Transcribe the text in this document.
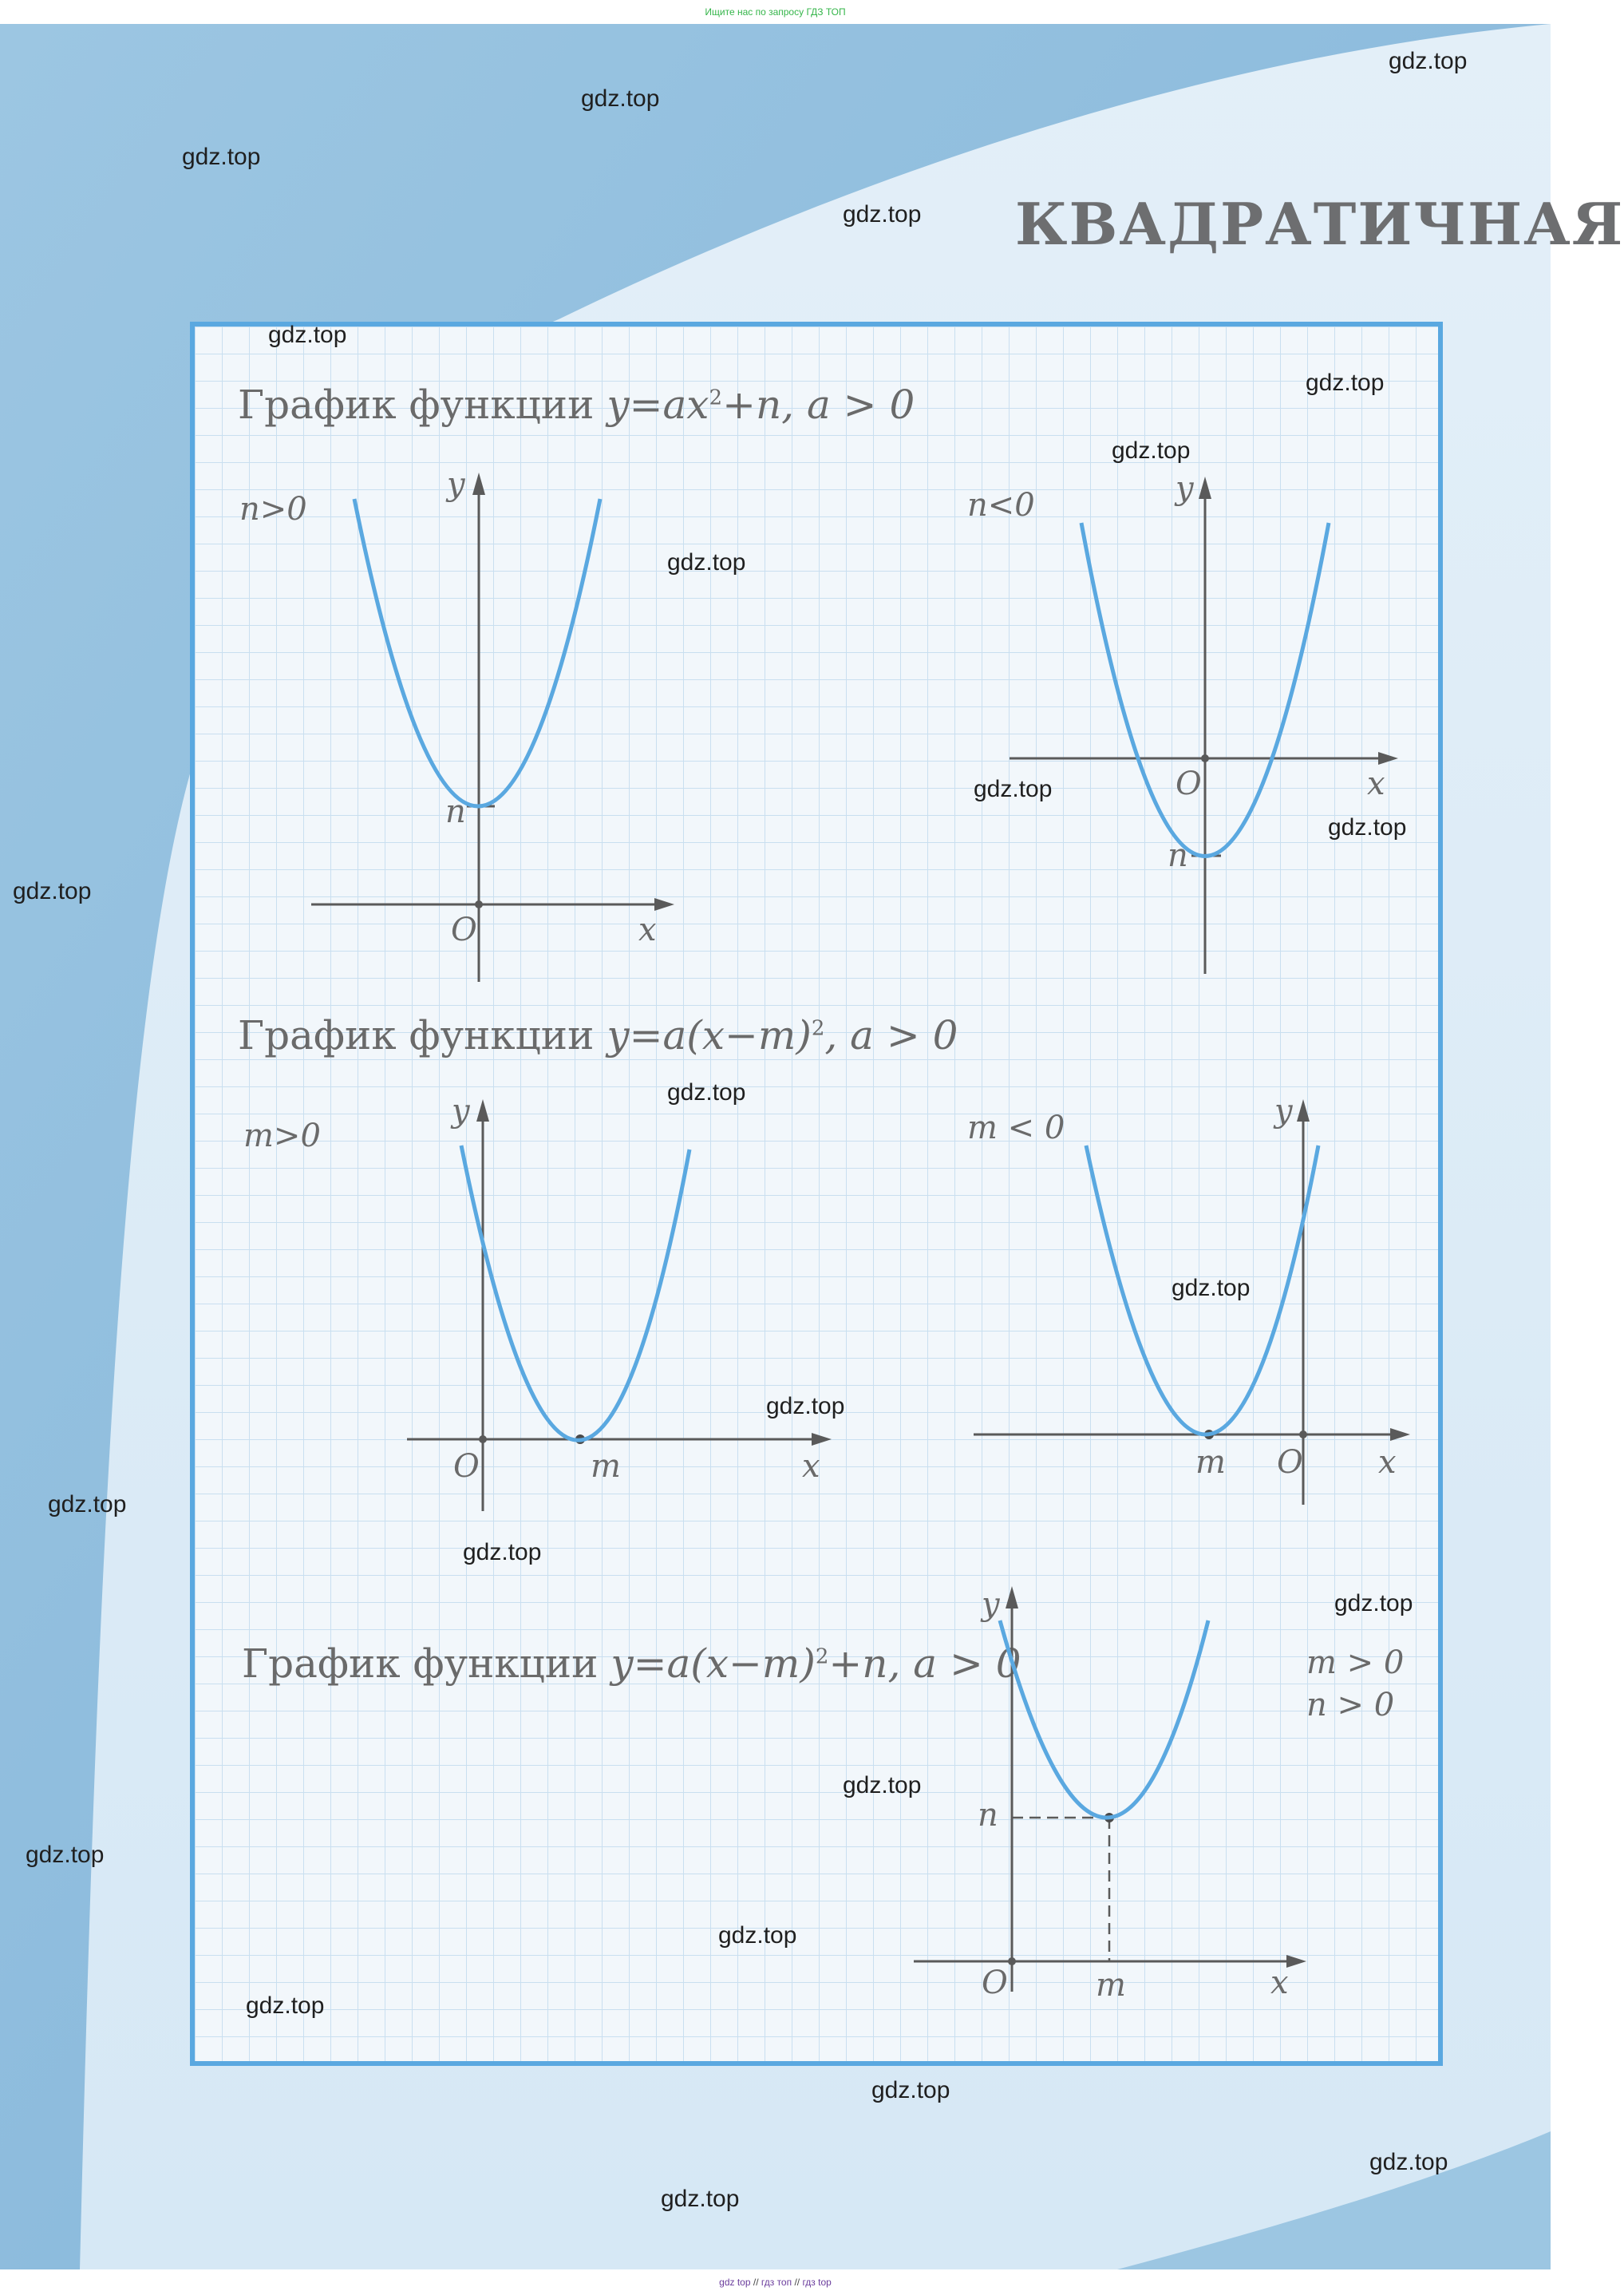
Ищите нас по запросу ГДЗ ТОП
КВАДРАТИЧНАЯ
График функции $y=ax^2+n$, a > 0
n>0	n<0
y
x
O
n
y
x
O
n
График функции $y=a(x-m)^2$, a > 0
m>0	m < 0
y
x
O	m
y
x
O
m
График функции $y=a(x-m)^2+n$, a > 0	m > 0
n > 0
y
x
O	m
n
gdz.top
gdz.top
gdz.top
gdz.top
gdz.top
gdz.top
gdz.top
gdz.top
gdz.top
gdz.top
gdz.top
gdz.top
gdz.top
gdz.top
gdz.top
gdz.top
gdz.top
gdz.top
gdz.top
gdz.top
gdz.top
gdz.top
gdz.top
gdz.top
gdz top // гдз топ // гдз top
